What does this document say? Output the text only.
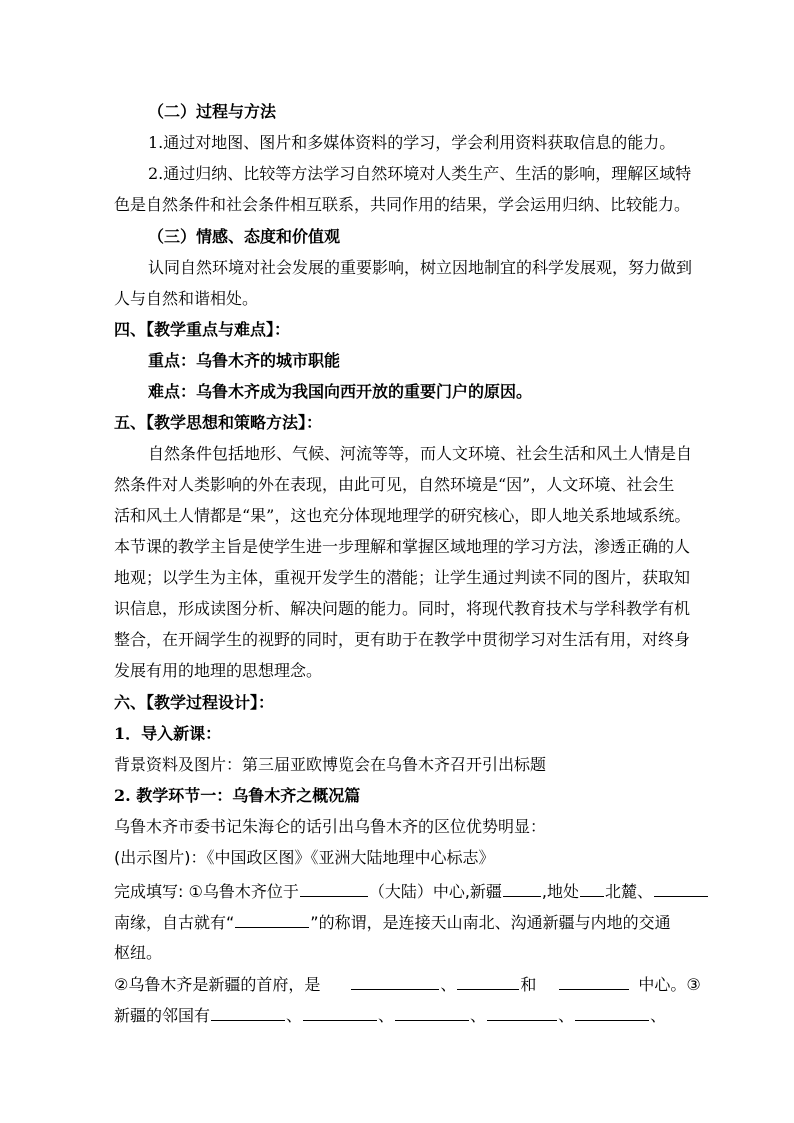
（二）过程与方法
1.通过对地图、图片和多媒体资料的学习，学会利用资料获取信息的能力。
2.通过归纳、比较等方法学习自然环境对人类生产、生活的影响，理解区域特
色是自然条件和社会条件相互联系，共同作用的结果，学会运用归纳、比较能力。
（三）情感、态度和价值观
认同自然环境对社会发展的重要影响，树立因地制宜的科学发展观，努力做到
人与自然和谐相处。
四、【教学重点与难点】：
重点：乌鲁木齐的城市职能
难点：乌鲁木齐成为我国向西开放的重要门户的原因。
五、【教学思想和策略方法】：
自然条件包括地形、气候、河流等等，而人文环境、社会生活和风土人情是自
然条件对人类影响的外在表现，由此可见，自然环境是“因”，人文环境、社会生
活和风土人情都是“果”，这也充分体现地理学的研究核心，即人地关系地域系统。
本节课的教学主旨是使学生进一步理解和掌握区域地理的学习方法，渗透正确的人
地观；以学生为主体，重视开发学生的潜能；让学生通过判读不同的图片，获取知
识信息，形成读图分析、解决问题的能力。同时，将现代教育技术与学科教学有机
整合，在开阔学生的视野的同时，更有助于在教学中贯彻学习对生活有用，对终身
发展有用的地理的思想理念。
六、【教学过程设计】：
1．导入新课：
背景资料及图片：第三届亚欧博览会在乌鲁木齐召开引出标题
2. 教学环节一：乌鲁木齐之概况篇
乌鲁木齐市委书记朱海仑的话引出乌鲁木齐的区位优势明显：
(出示图片)：《中国政区图》《亚洲大陆地理中心标志》
完成填写: ①乌鲁木齐位于	（大陆）中心,新疆	,地处 北麓、
南缘，自古就有“	”的称谓，是连接天山南北、沟通新疆与内地的交通
枢纽。
②乌鲁木齐是新疆的首府，是	、	和	中心。③
新疆的邻国有	、	、	、	、	、
